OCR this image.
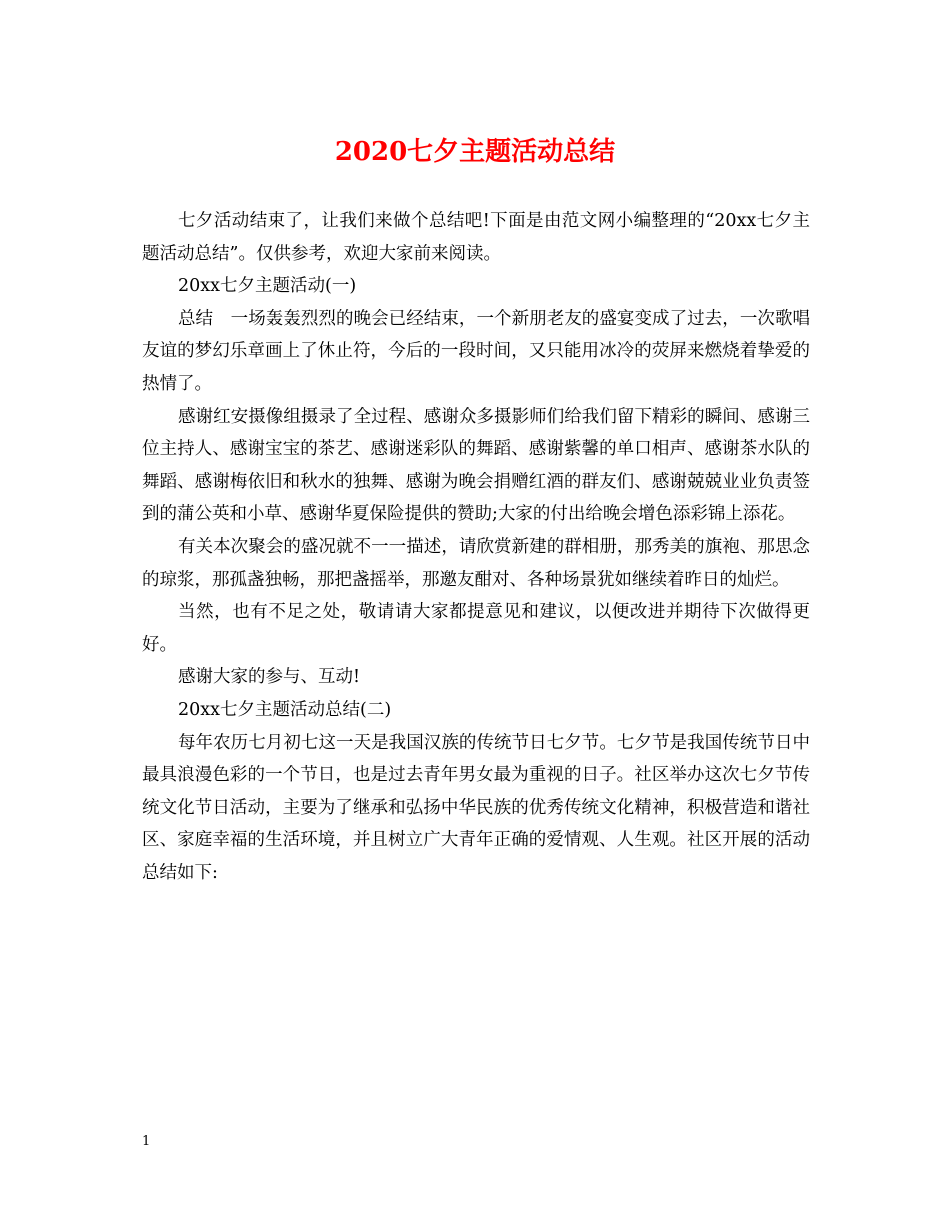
2020七夕主题活动总结

七夕活动结束了，让我们来做个总结吧!下面是由范文网小编整理的“20xx七夕主题活动总结”。仅供参考，欢迎大家前来阅读。

20xx七夕主题活动(一)

总结　一场轰轰烈烈的晚会已经结束，一个新朋老友的盛宴变成了过去，一次歌唱友谊的梦幻乐章画上了休止符，今后的一段时间，又只能用冰冷的荧屏来燃烧着挚爱的热情了。

感谢红安摄像组摄录了全过程、感谢众多摄影师们给我们留下精彩的瞬间、感谢三位主持人、感谢宝宝的茶艺、感谢迷彩队的舞蹈、感谢紫馨的单口相声、感谢茶水队的舞蹈、感谢梅依旧和秋水的独舞、感谢为晚会捐赠红酒的群友们、感谢兢兢业业负责签到的蒲公英和小草、感谢华夏保险提供的赞助;大家的付出给晚会增色添彩锦上添花。

有关本次聚会的盛况就不一一描述，请欣赏新建的群相册，那秀美的旗袍、那思念的琼浆，那孤盏独畅，那把盏摇举，那邀友酣对、各种场景犹如继续着昨日的灿烂。

当然，也有不足之处，敬请请大家都提意见和建议，以便改进并期待下次做得更好。

感谢大家的参与、互动!

20xx七夕主题活动总结(二)

每年农历七月初七这一天是我国汉族的传统节日七夕节。七夕节是我国传统节日中最具浪漫色彩的一个节日，也是过去青年男女最为重视的日子。社区举办这次七夕节传统文化节日活动，主要为了继承和弘扬中华民族的优秀传统文化精神，积极营造和谐社区、家庭幸福的生活环境，并且树立广大青年正确的爱情观、人生观。社区开展的活动总结如下:

1
